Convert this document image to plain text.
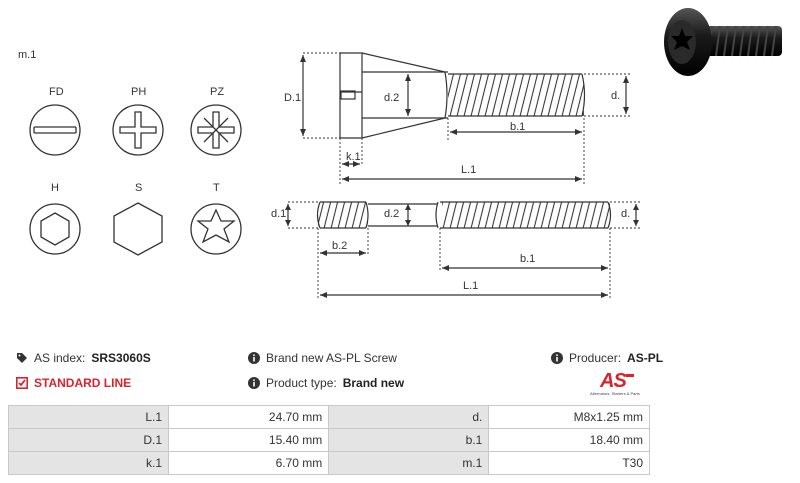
m.1
FD	PH	PZ
H	S	T
D.1	d.2	d.
b.1
k.1
L.1
d.1	d.2	d.
b.2
b.1
L.1
AS index: SRS3060S	Brand new AS-PL Screw	Producer: AS-PL
STANDARD LINE	Product type: Brand new	AS
Alternators, Starters & Parts
L.1	24.70 mm	d.	M8x1.25 mm
D.1	15.40 mm	b.1	18.40 mm
k.1	6.70 mm	m.1	T30
